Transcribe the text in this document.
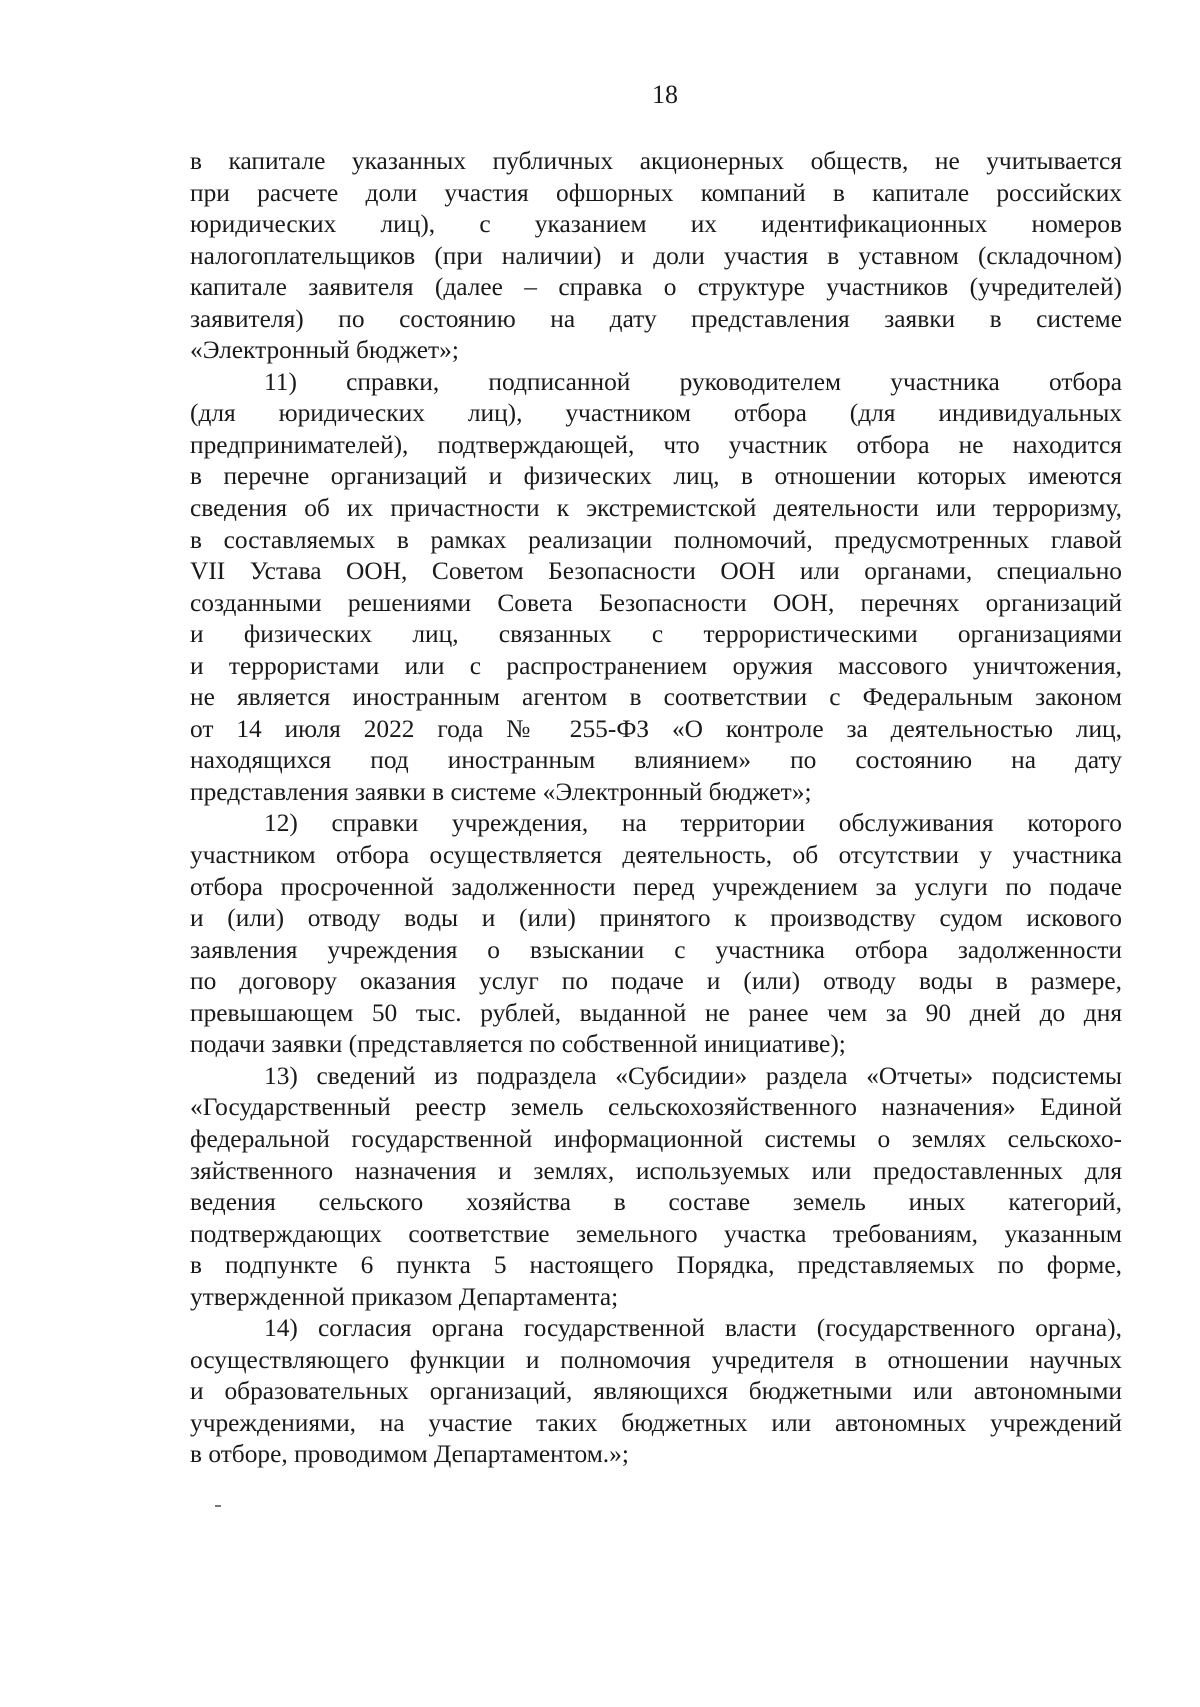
18
в капитале указанных публичных акционерных обществ, не учитывается
при расчете доли участия офшорных компаний в капитале российских
юридических лиц), с указанием их идентификационных номеров
налогоплательщиков (при наличии) и доли участия в уставном (складочном)
капитале заявителя (далее – справка о структуре участников (учредителей)
заявителя) по состоянию на дату представления заявки в системе
«Электронный бюджет»;
11) справки, подписанной руководителем участника отбора
(для юридических лиц), участником отбора (для индивидуальных
предпринимателей), подтверждающей, что участник отбора не находится
в перечне организаций и физических лиц, в отношении которых имеются
сведения об их причастности к экстремистской деятельности или терроризму,
в составляемых в рамках реализации полномочий, предусмотренных главой
VII Устава ООН, Советом Безопасности ООН или органами, специально
созданными решениями Совета Безопасности ООН, перечнях организаций
и физических лиц, связанных с террористическими организациями
и террористами или с распространением оружия массового уничтожения,
не является иностранным агентом в соответствии с Федеральным законом
от 14 июля 2022 года № 255-ФЗ «О контроле за деятельностью лиц,
находящихся под иностранным влиянием» по состоянию на дату
представления заявки в системе «Электронный бюджет»;
12) справки учреждения, на территории обслуживания которого
участником отбора осуществляется деятельность, об отсутствии у участника
отбора просроченной задолженности перед учреждением за услуги по подаче
и (или) отводу воды и (или) принятого к производству судом искового
заявления учреждения о взыскании с участника отбора задолженности
по договору оказания услуг по подаче и (или) отводу воды в размере,
превышающем 50 тыс. рублей, выданной не ранее чем за 90 дней до дня
подачи заявки (представляется по собственной инициативе);
13) сведений из подраздела «Субсидии» раздела «Отчеты» подсистемы
«Государственный реестр земель сельскохозяйственного назначения» Единой
федеральной государственной информационной системы о землях сельскохо-
зяйственного назначения и землях, используемых или предоставленных для
ведения сельского хозяйства в составе земель иных категорий,
подтверждающих соответствие земельного участка требованиям, указанным
в подпункте 6 пункта 5 настоящего Порядка, представляемых по форме,
утвержденной приказом Департамента;
14) согласия органа государственной власти (государственного органа),
осуществляющего функции и полномочия учредителя в отношении научных
и образовательных организаций, являющихся бюджетными или автономными
учреждениями, на участие таких бюджетных или автономных учреждений
в отборе, проводимом Департаментом.»;
